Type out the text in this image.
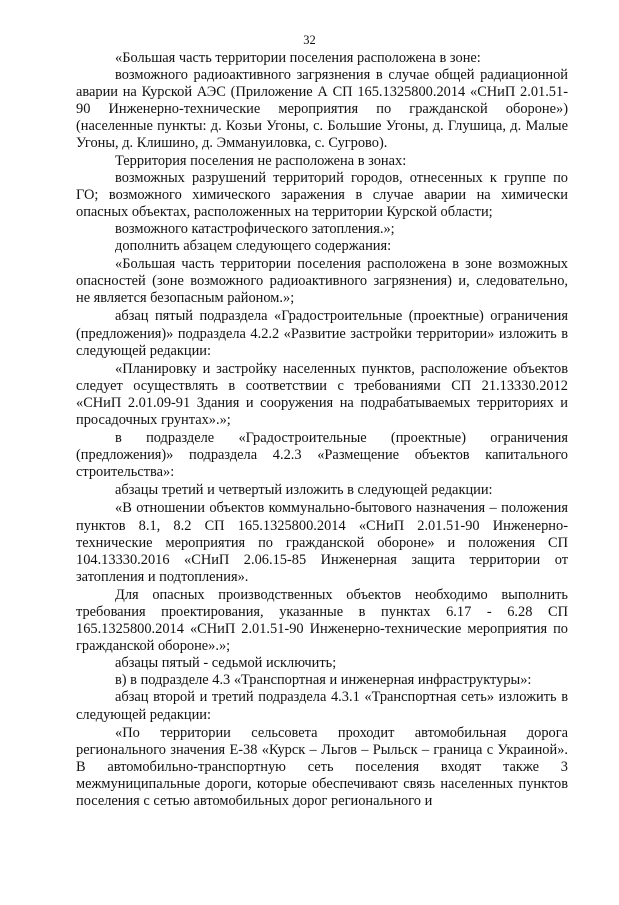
32

«Большая часть территории поселения расположена в зоне:

возможного радиоактивного загрязнения в случае общей радиационной аварии на Курской АЭС (Приложение А СП 165.1325800.2014 «СНиП 2.01.51-90 Инженерно-технические мероприятия по гражданской обороне») (населенные пункты: д. Козьи Угоны, с. Большие Угоны, д. Глушица, д. Малые Угоны, д. Клишино, д. Эммануиловка, с. Сугрово).

Территория поселения не расположена в зонах:

возможных разрушений территорий городов, отнесенных к группе по ГО; возможного химического заражения в случае аварии на химически опасных объектах, расположенных на территории Курской области;

возможного катастрофического затопления.»;

дополнить абзацем следующего содержания:

«Большая часть территории поселения расположена в зоне возможных опасностей (зоне возможного радиоактивного загрязнения) и, следовательно, не является безопасным районом.»;

абзац пятый подраздела «Градостроительные (проектные) ограничения (предложения)» подраздела 4.2.2 «Развитие застройки территории» изложить в следующей редакции:

«Планировку и застройку населенных пунктов, расположение объектов следует осуществлять в соответствии с требованиями СП 21.13330.2012 «СНиП 2.01.09-91 Здания и сооружения на подрабатываемых территориях и просадочных грунтах».»;

в подразделе «Градостроительные (проектные) ограничения (предложения)» подраздела 4.2.3 «Размещение объектов капитального строительства»:

абзацы третий и четвертый изложить в следующей редакции:

«В отношении объектов коммунально-бытового назначения – положения пунктов 8.1, 8.2 СП 165.1325800.2014 «СНиП 2.01.51-90 Инженерно-технические мероприятия по гражданской обороне» и положения СП 104.13330.2016 «СНиП 2.06.15-85 Инженерная защита территории от затопления и подтопления».

Для опасных производственных объектов необходимо выполнить требования проектирования, указанные в пунктах 6.17 - 6.28 СП 165.1325800.2014 «СНиП 2.01.51-90 Инженерно-технические мероприятия по гражданской обороне».»;

абзацы пятый - седьмой исключить;

в) в подразделе 4.3 «Транспортная и инженерная инфраструктуры»:

абзац второй и третий подраздела 4.3.1 «Транспортная сеть» изложить в следующей редакции:

«По территории сельсовета проходит автомобильная дорога регионального значения Е-38 «Курск – Льгов – Рыльск – граница с Украиной». В автомобильно-транспортную сеть поселения входят также 3 межмуниципальные дороги, которые обеспечивают связь населенных пунктов поселения с сетью автомобильных дорог регионального и
